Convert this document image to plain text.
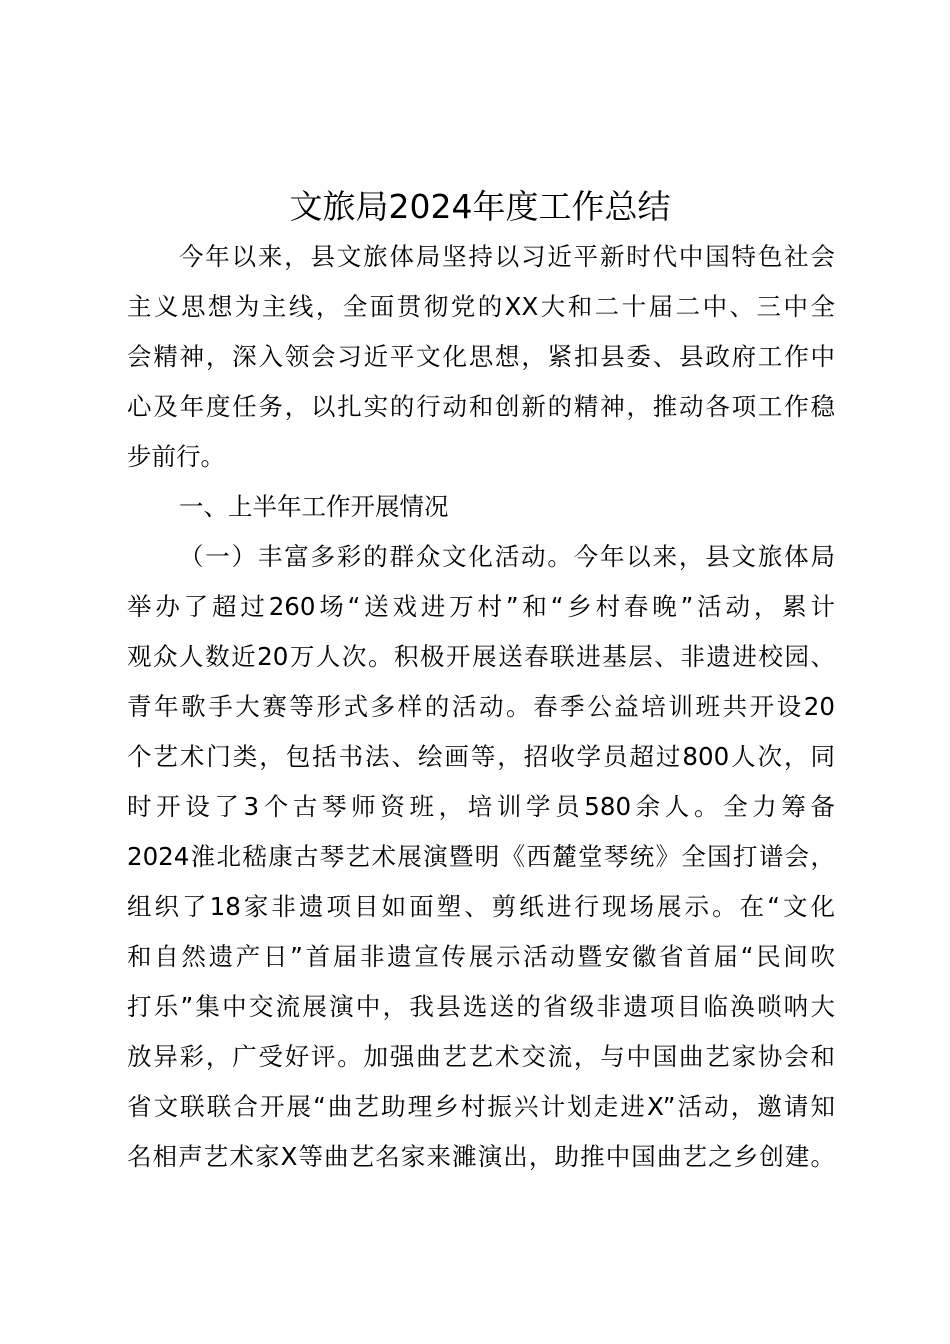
文旅局2024年度工作总结
今年以来，县文旅体局坚持以习近平新时代中国特色社会
主义思想为主线，全面贯彻党的XX大和二十届二中、三中全
会精神，深入领会习近平文化思想，紧扣县委、县政府工作中
心及年度任务，以扎实的行动和创新的精神，推动各项工作稳
步前行。
一、上半年工作开展情况
（一）丰富多彩的群众文化活动。今年以来，县文旅体局
举办了超过260场“送戏进万村”和“乡村春晚”活动，累计
观众人数近20万人次。积极开展送春联进基层、非遗进校园、
青年歌手大赛等形式多样的活动。春季公益培训班共开设20
个艺术门类，包括书法、绘画等，招收学员超过800人次，同
时开设了3个古琴师资班，培训学员580余人。全力筹备
2024淮北嵇康古琴艺术展演暨明《西麓堂琴统》全国打谱会，
组织了18家非遗项目如面塑、剪纸进行现场展示。在“文化
和自然遗产日”首届非遗宣传展示活动暨安徽省首届“民间吹
打乐”集中交流展演中，我县选送的省级非遗项目临涣唢呐大
放异彩，广受好评。加强曲艺艺术交流，与中国曲艺家协会和
省文联联合开展“曲艺助理乡村振兴计划走进X”活动，邀请知
名相声艺术家X等曲艺名家来濉演出，助推中国曲艺之乡创建。
